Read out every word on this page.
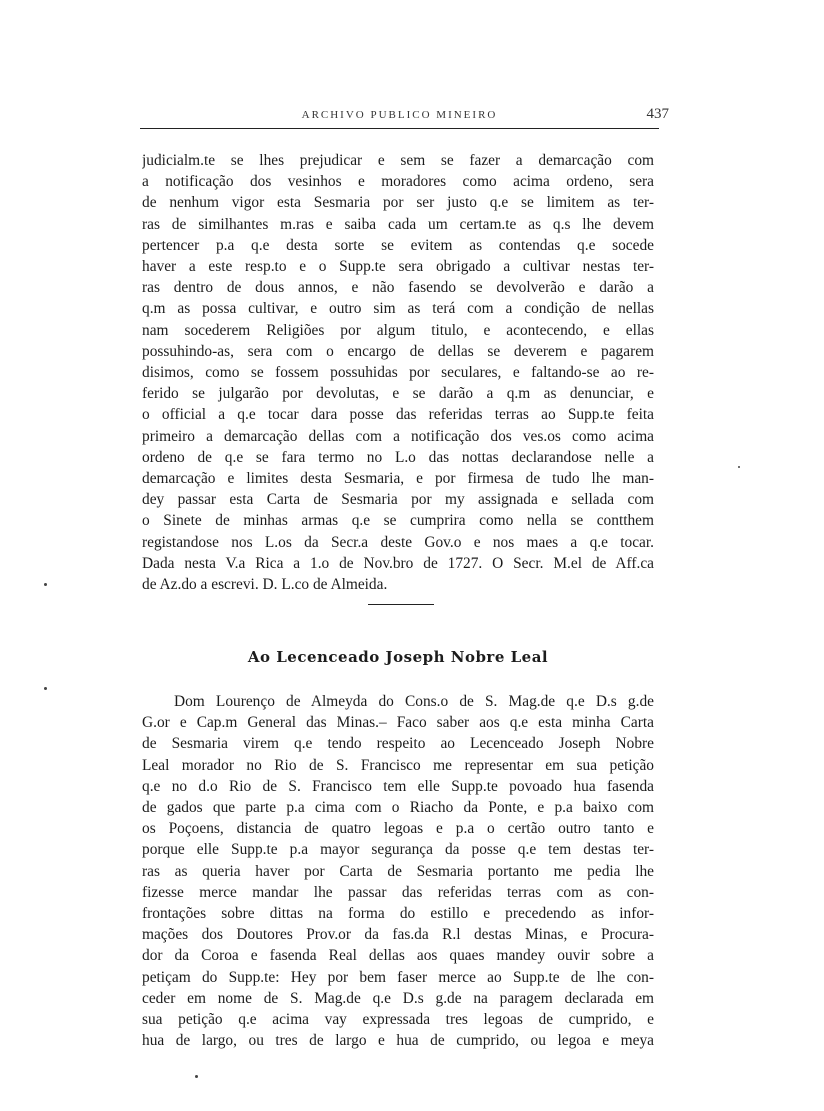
ARCHIVO PUBLICO MINEIRO	437
judicialm.te se lhes prejudicar e sem se fazer a demarcação com
a notificação dos vesinhos e moradores como acima ordeno, sera
de nenhum vigor esta Sesmaria por ser justo q.e se limitem as ter-
ras de similhantes m.ras e saiba cada um certam.te as q.s lhe devem
pertencer p.a q.e desta sorte se evitem as contendas q.e socede
haver a este resp.to e o Supp.te sera obrigado a cultivar nestas ter-
ras dentro de dous annos, e não fasendo se devolverão e darão a
q.m as possa cultivar, e outro sim as terá com a condição de nellas
nam socederem Religiões por algum titulo, e acontecendo, e ellas
possuhindo-as, sera com o encargo de dellas se deverem e pagarem
disimos, como se fossem possuhidas por seculares, e faltando-se ao re-
ferido se julgarão por devolutas, e se darão a q.m as denunciar, e
o official a q.e tocar dara posse das referidas terras ao Supp.te feita
primeiro a demarcação dellas com a notificação dos ves.os como acima
ordeno de q.e se fara termo no L.o das nottas declarandose nelle a
demarcação e limites desta Sesmaria, e por firmesa de tudo lhe man-
dey passar esta Carta de Sesmaria por my assignada e sellada com
o Sinete de minhas armas q.e se cumprira como nella se contthem
registandose nos L.os da Secr.a deste Gov.o e nos maes a q.e tocar.
Dada nesta V.a Rica a 1.o de Nov.bro de 1727. O Secr. M.el de Aff.ca
de Az.do a escrevi. D. L.co de Almeida.
Ao Lecenceado Joseph Nobre Leal
Dom Lourenço de Almeyda do Cons.o de S. Mag.de q.e D.s g.de
G.or e Cap.m General das Minas.– Faco saber aos q.e esta minha Carta
de Sesmaria virem q.e tendo respeito ao Lecenceado Joseph Nobre
Leal morador no Rio de S. Francisco me representar em sua petição
q.e no d.o Rio de S. Francisco tem elle Supp.te povoado hua fasenda
de gados que parte p.a cima com o Riacho da Ponte, e p.a baixo com
os Poçoens, distancia de quatro legoas e p.a o certão outro tanto e
porque elle Supp.te p.a mayor segurança da posse q.e tem destas ter-
ras as queria haver por Carta de Sesmaria portanto me pedia lhe
fizesse merce mandar lhe passar das referidas terras com as con-
frontações sobre dittas na forma do estillo e precedendo as infor-
mações dos Doutores Prov.or da fas.da R.l destas Minas, e Procura-
dor da Coroa e fasenda Real dellas aos quaes mandey ouvir sobre a
petiçam do Supp.te: Hey por bem faser merce ao Supp.te de lhe con-
ceder em nome de S. Mag.de q.e D.s g.de na paragem declarada em
sua petição q.e acima vay expressada tres legoas de cumprido, e
hua de largo, ou tres de largo e hua de cumprido, ou legoa e meya
